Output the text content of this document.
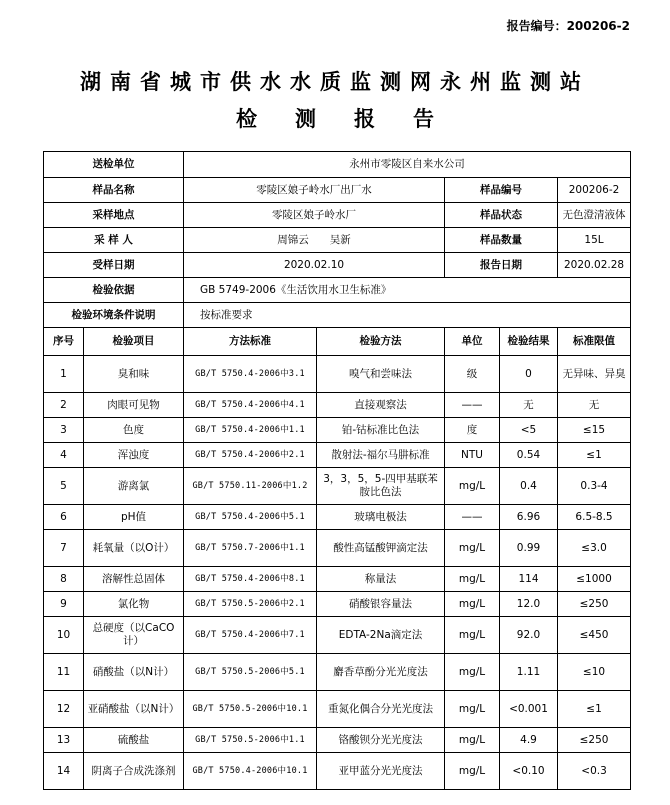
报告编号：200206-2
湖南省城市供水水质监测网永州监测站
检测报告
送检单位		永州市零陵区自来水公司				
样品名称		零陵区娘子岭水厂出厂水		样品编号		200206-2
采样地点		零陵区娘子岭水厂		样品状态		无色澄清液体
采 样 人		周锦云　　吴新		样品数量		15L
受样日期		2020.02.10		报告日期		2020.02.28
检验依据		GB 5749-2006《生活饮用水卫生标准》				
检验环境条件说明		按标准要求				
序号	检验项目	方法标准	检验方法	单位	检验结果	标准限值
1	臭和味	GB/T 5750.4-2006中3.1	嗅气和尝味法	级	0	无异味、异臭
2	肉眼可见物	GB/T 5750.4-2006中4.1	直接观察法	——	无	无
3	色度	GB/T 5750.4-2006中1.1	铂-钴标准比色法	度	<5	≤15
4	浑浊度	GB/T 5750.4-2006中2.1	散射法-福尔马肼标准	NTU	0.54	≤1
5	游离氯	GB/T 5750.11-2006中1.2	3，3，5，5-四甲基联苯胺比色法	mg/L	0.4	0.3-4
6	pH值	GB/T 5750.4-2006中5.1	玻璃电极法	——	6.96	6.5-8.5
7	耗氧量（以O计）	GB/T 5750.7-2006中1.1	酸性高锰酸钾滴定法	mg/L	0.99	≤3.0
8	溶解性总固体	GB/T 5750.4-2006中8.1	称量法	mg/L	114	≤1000
9	氯化物	GB/T 5750.5-2006中2.1	硝酸银容量法	mg/L	12.0	≤250
10	总硬度（以CaCO计）	GB/T 5750.4-2006中7.1	EDTA-2Na滴定法	mg/L	92.0	≤450
11	硝酸盐（以N计）	GB/T 5750.5-2006中5.1	麝香草酚分光光度法	mg/L	1.11	≤10
12	亚硝酸盐（以N计）	GB/T 5750.5-2006中10.1	重氮化偶合分光光度法	mg/L	<0.001	≤1
13	硫酸盐	GB/T 5750.5-2006中1.1	铬酸钡分光光度法	mg/L	4.9	≤250
14	阴离子合成洗涤剂	GB/T 5750.4-2006中10.1	亚甲蓝分光光度法	mg/L	<0.10	<0.3
